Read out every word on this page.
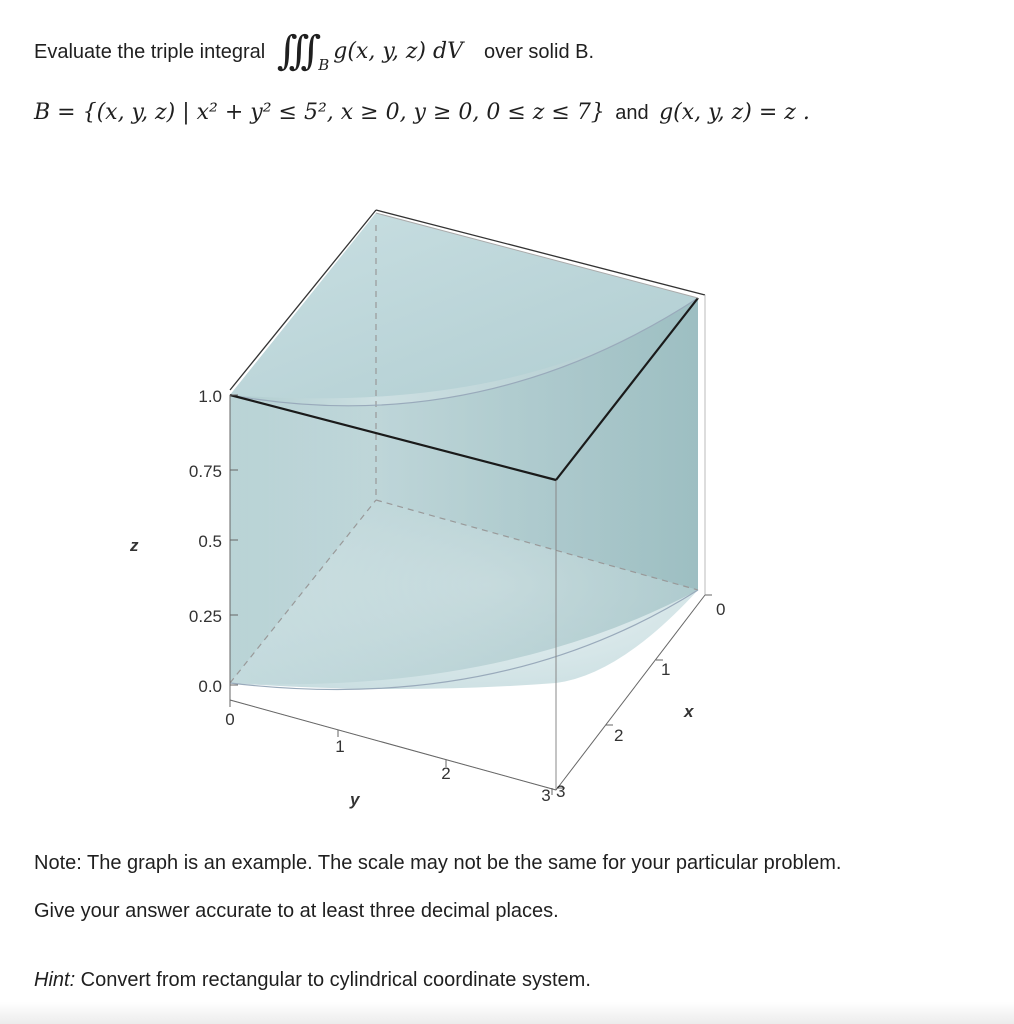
Evaluate the triple integral ∫∫∫ $_B$g(x, y, z) dV over solid B.
B = {(x, y, z) | x² + y² ≤ 5², x ≥ 0, y ≥ 0, 0 ≤ z ≤ 7} and g(x, y, z) = z .
1.0
0.75
0.5
0.25
0.0
z
0
1
2
3
y
0
1
2
3
x
Note: The graph is an example. The scale may not be the same for your particular problem.
Give your answer accurate to at least three decimal places.
Hint: Convert from rectangular to cylindrical coordinate system.
